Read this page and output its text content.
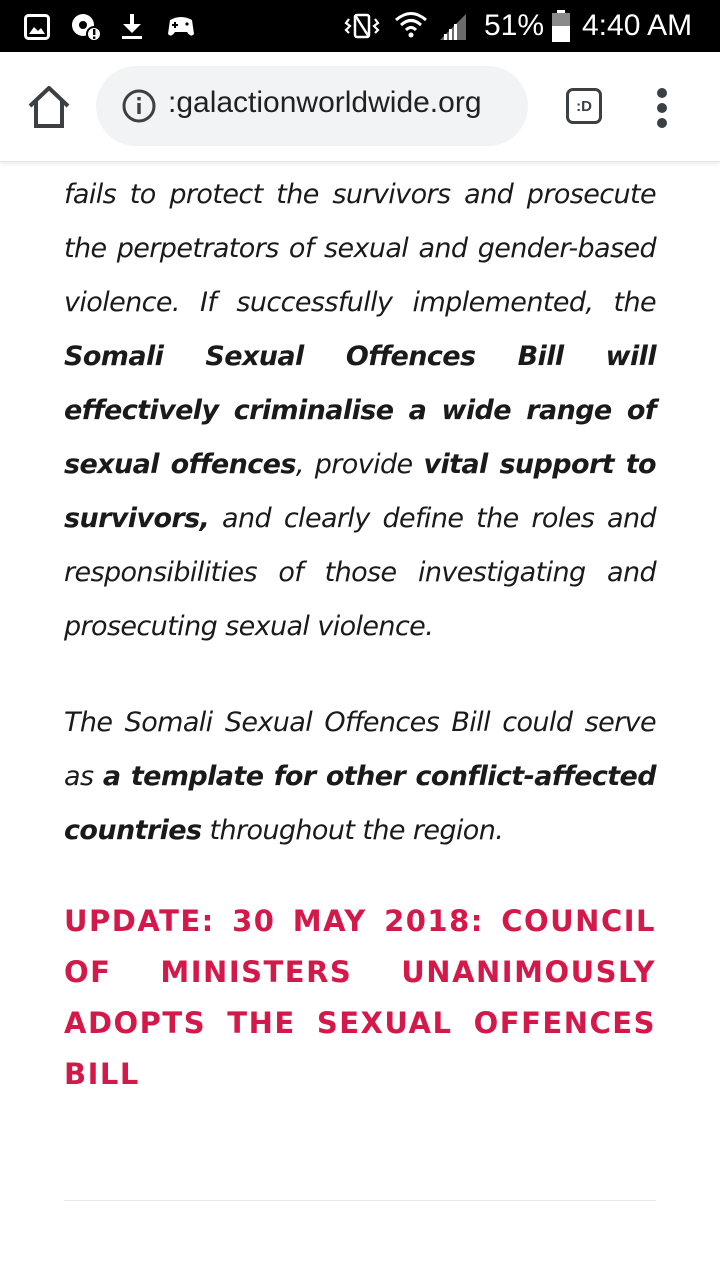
51% 4:40 AM
:galactionworldwide.org	:D

fails to protect the survivors and prosecute the perpetrators of sexual and gender-based violence. If successfully implemented, the Somali Sexual Offences Bill will effectively criminalise a wide range of sexual offences, provide vital support to survivors, and clearly define the roles and responsibilities of those investigating and prosecuting sexual violence.

The Somali Sexual Offences Bill could serve as a template for other conflict-affected countries throughout the region.

UPDATE: 30 MAY 2018: COUNCIL OF MINISTERS UNANIMOUSLY ADOPTS THE SEXUAL OFFENCES BILL
